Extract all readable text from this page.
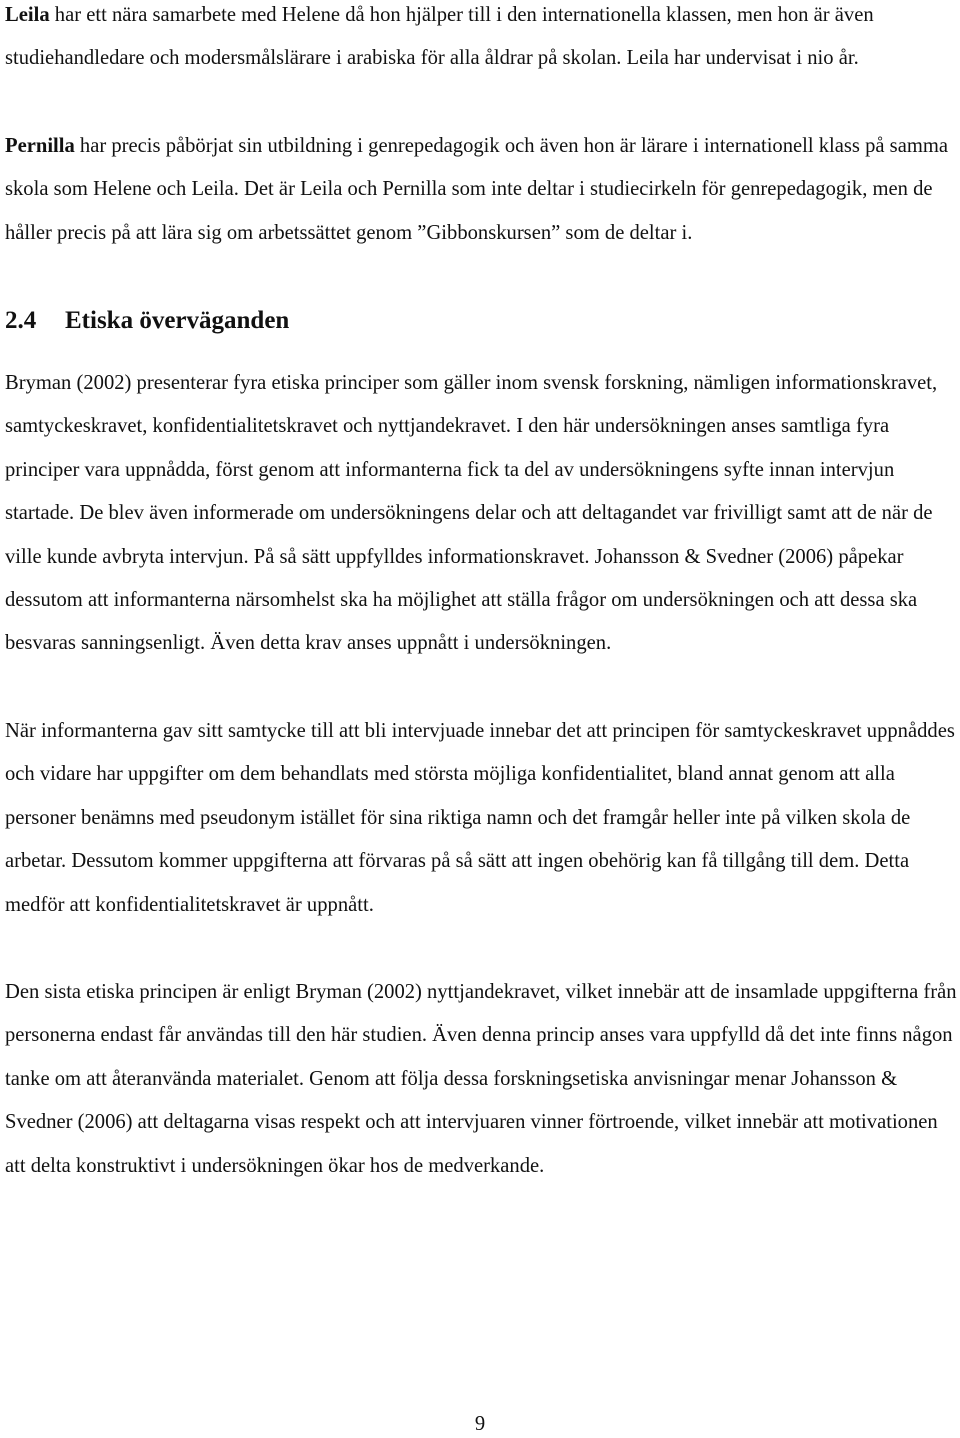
Leila har ett nära samarbete med Helene då hon hjälper till i den internationella klassen, men hon är även studiehandledare och modersmålslärare i arabiska för alla åldrar på skolan. Leila har undervisat i nio år.

Pernilla har precis påbörjat sin utbildning i genrepedagogik och även hon är lärare i internationell klass på samma skola som Helene och Leila. Det är Leila och Pernilla som inte deltar i studiecirkeln för genrepedagogik, men de håller precis på att lära sig om arbetssättet genom ”Gibbonskursen” som de deltar i.

2.4 Etiska överväganden

Bryman (2002) presenterar fyra etiska principer som gäller inom svensk forskning, nämligen informationskravet, samtyckeskravet, konfidentialitetskravet och nyttjandekravet. I den här undersökningen anses samtliga fyra principer vara uppnådda, först genom att informanterna fick ta del av undersökningens syfte innan intervjun startade. De blev även informerade om undersökningens delar och att deltagandet var frivilligt samt att de när de ville kunde avbryta intervjun. På så sätt uppfylldes informationskravet. Johansson & Svedner (2006) påpekar dessutom att informanterna närsomhelst ska ha möjlighet att ställa frågor om undersökningen och att dessa ska besvaras sanningsenligt. Även detta krav anses uppnått i undersökningen.

När informanterna gav sitt samtycke till att bli intervjuade innebar det att principen för samtyckeskravet uppnåddes och vidare har uppgifter om dem behandlats med största möjliga konfidentialitet, bland annat genom att alla personer benämns med pseudonym istället för sina riktiga namn och det framgår heller inte på vilken skola de arbetar. Dessutom kommer uppgifterna att förvaras på så sätt att ingen obehörig kan få tillgång till dem. Detta medför att konfidentialitetskravet är uppnått.

Den sista etiska principen är enligt Bryman (2002) nyttjandekravet, vilket innebär att de insamlade uppgifterna från personerna endast får användas till den här studien. Även denna princip anses vara uppfylld då det inte finns någon tanke om att återanvända materialet. Genom att följa dessa forskningsetiska anvisningar menar Johansson & Svedner (2006) att deltagarna visas respekt och att intervjuaren vinner förtroende, vilket innebär att motivationen att delta konstruktivt i undersökningen ökar hos de medverkande.

9
